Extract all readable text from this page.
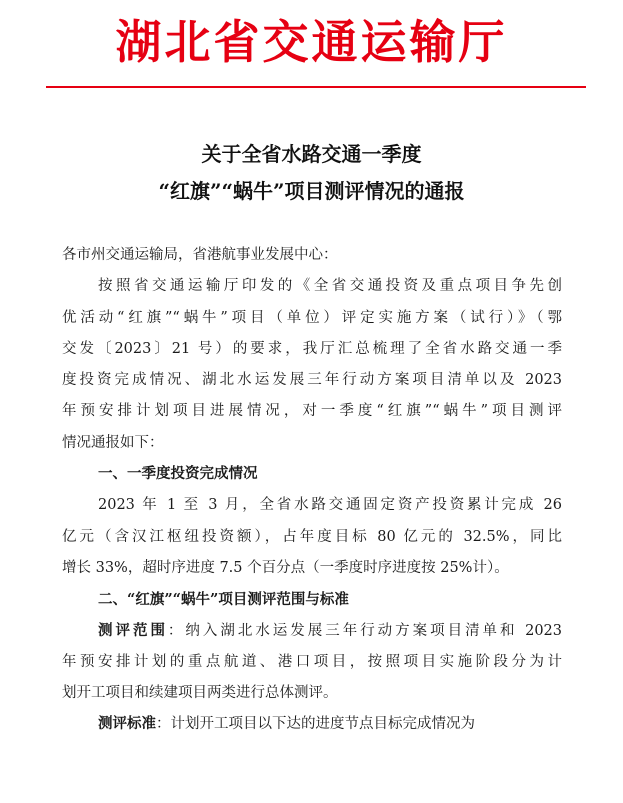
湖北省交通运输厅
关于全省水路交通一季度
“红旗”“蜗牛”项目测评情况的通报
各市州交通运输局，省港航事业发展中心：
按照省交通运输厅印发的《全省交通投资及重点项目争先创
优活动“红旗”“蜗牛”项目（单位）评定实施方案（试行）》（鄂
交发〔2023〕21 号）的要求，我厅汇总梳理了全省水路交通一季
度投资完成情况、湖北水运发展三年行动方案项目清单以及 2023
年预安排计划项目进展情况，对一季度“红旗”“蜗牛”项目测评
情况通报如下：
一、一季度投资完成情况
2023 年 1 至 3 月，全省水路交通固定资产投资累计完成 26
亿元（含汉江枢纽投资额），占年度目标 80 亿元的 32.5%，同比
增长 33%，超时序进度 7.5 个百分点（一季度时序进度按 25%计）。
二、“红旗”“蜗牛”项目测评范围与标准
测评范围：纳入湖北水运发展三年行动方案项目清单和 2023
年预安排计划的重点航道、港口项目，按照项目实施阶段分为计
划开工项目和续建项目两类进行总体测评。
测评标准：计划开工项目以下达的进度节点目标完成情况为
